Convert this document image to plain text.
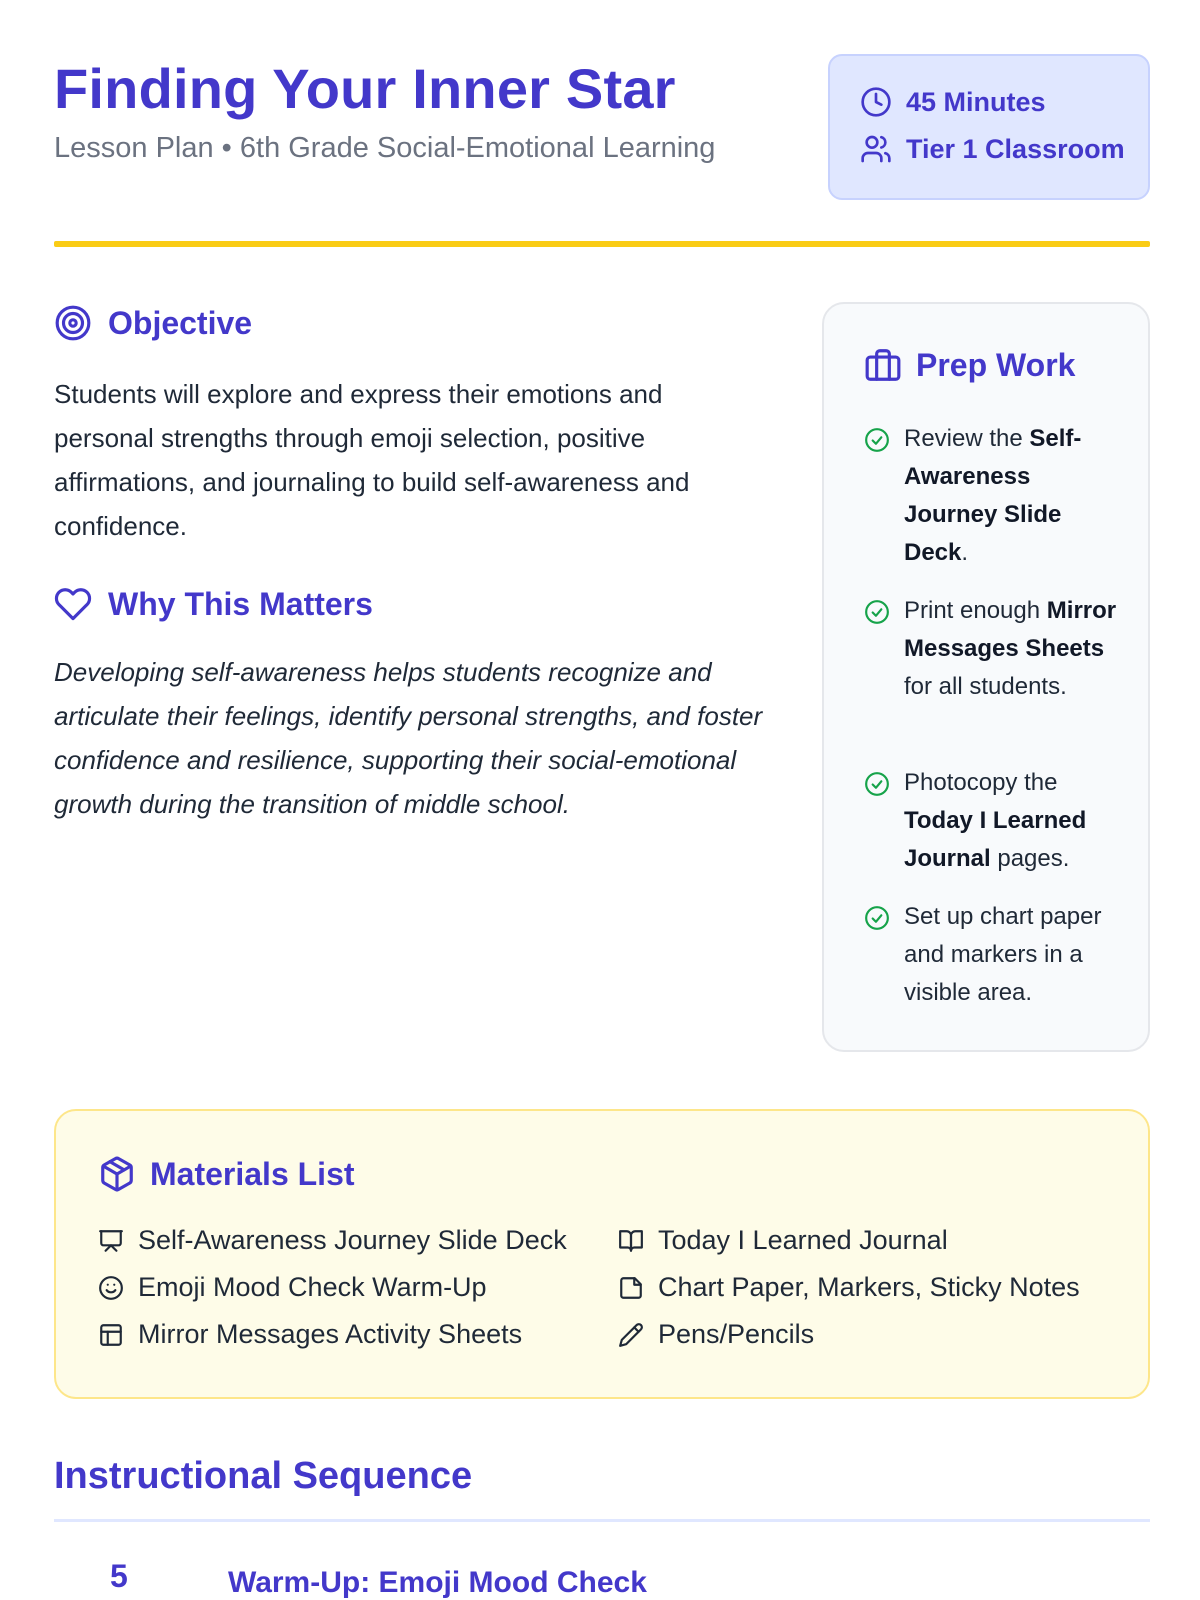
Finding Your Inner Star
Lesson Plan • 6th Grade Social-Emotional Learning
45 Minutes
Tier 1 Classroom
Objective

Students will explore and express their emotions and personal strengths through emoji selection, positive affirmations, and journaling to build self-awareness and confidence.

Why This Matters

Developing self-awareness helps students recognize and articulate their feelings, identify personal strengths, and foster confidence and resilience, supporting their social-emotional growth during the transition of middle school.

Prep Work
Review the Self-Awareness Journey Slide Deck.
Print enough Mirror Messages Sheets for all students.
Photocopy the Today I Learned Journal pages.
Set up chart paper and markers in a visible area.
Materials List
Self-Awareness Journey Slide Deck
Emoji Mood Check Warm-Up
Mirror Messages Activity Sheets
Today I Learned Journal
Chart Paper, Markers, Sticky Notes
Pens/Pencils
Instructional Sequence
5	Warm-Up: Emoji Mood Check
